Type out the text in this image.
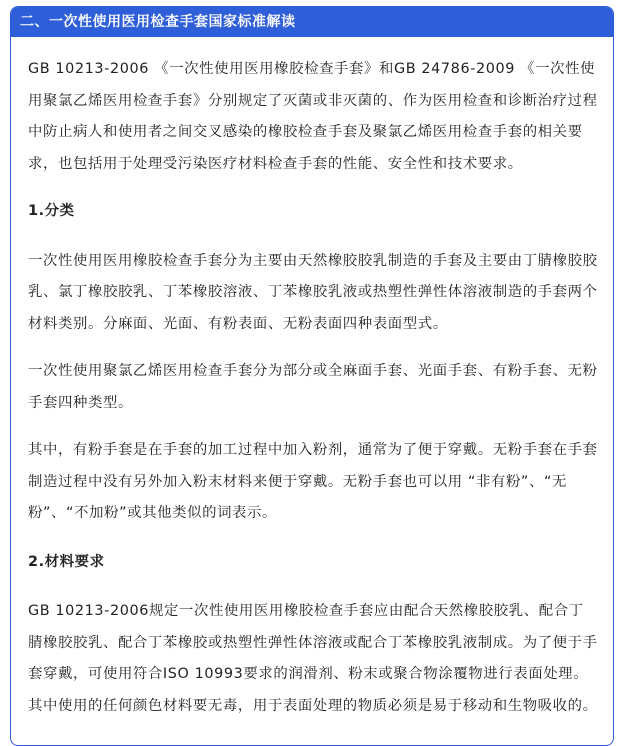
二、一次性使用医用检查手套国家标准解读

GB 10213-2006 《一次性使用医用橡胶检查手套》和GB 24786-2009 《一次性使用聚氯乙烯医用检查手套》分别规定了灭菌或非灭菌的、作为医用检查和诊断治疗过程中防止病人和使用者之间交叉感染的橡胶检查手套及聚氯乙烯医用检查手套的相关要求，也包括用于处理受污染医疗材料检查手套的性能、安全性和技术要求。

1.分类

一次性使用医用橡胶检查手套分为主要由天然橡胶胶乳制造的手套及主要由丁腈橡胶胶乳、氯丁橡胶胶乳、丁苯橡胶溶液、丁苯橡胶乳液或热塑性弹性体溶液制造的手套两个材料类别。分麻面、光面、有粉表面、无粉表面四种表面型式。

一次性使用聚氯乙烯医用检查手套分为部分或全麻面手套、光面手套、有粉手套、无粉手套四种类型。

其中，有粉手套是在手套的加工过程中加入粉剂，通常为了便于穿戴。无粉手套在手套制造过程中没有另外加入粉末材料来便于穿戴。无粉手套也可以用 “非有粉”、“无粉”、“不加粉”或其他类似的词表示。

2.材料要求

GB 10213-2006规定一次性使用医用橡胶检查手套应由配合天然橡胶胶乳、配合丁腈橡胶胶乳、配合丁苯橡胶或热塑性弹性体溶液或配合丁苯橡胶乳液制成。为了便于手套穿戴，可使用符合ISO 10993要求的润滑剂、粉末或聚合物涂覆物进行表面处理。其中使用的任何颜色材料要无毒，用于表面处理的物质必须是易于移动和生物吸收的。
